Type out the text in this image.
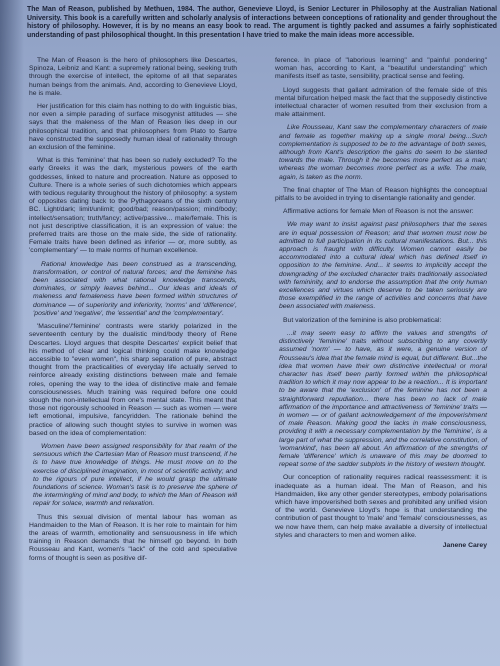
The Man of Reason, published by Methuen, 1984. The author, Genevieve Lloyd, is Senior Lecturer in Philosophy at the Australian National University. This book is a carefully written and scholarly analysis of interactions between conceptions of rationality and gender throughout the history of philosophy. However, it is by no means an easy book to read. The argument is tightly packed and assumes a fairly sophisticated understanding of past philosophical thought. In this presentation I have tried to make the main ideas more accessible.

The Man of Reason is the hero of philosophers like Descartes, Spinoza, Leibniz and Kant: a supremely rational being, seeking truth through the exercise of intellect, the epitome of all that separates human beings from the animals. And, according to Genevieve Lloyd, he is male.

Her justification for this claim has nothing to do with linguistic bias, nor even a simple parading of surface misogynist attitudes — she says that the maleness of the Man of Reason lies deep in our philosophical tradition, and that philosophers from Plato to Sartre have constructed the supposedly human ideal of rationality through an exclusion of the feminine.

What is this 'feminine' that has been so rudely excluded? To the early Greeks it was the dark, mysterious powers of the earth goddesses, linked to nature and procreation. Nature as opposed to Culture. There is a whole series of such dichotomies which appears with tedious regularity throughout the history of philosophy: a system of opposites dating back to the Pythagoreans of the sixth century BC. Light/dark; limit/unlimit; good/bad; reason/passion; mind/body; intellect/sensation; truth/fancy; active/passive... male/female. This is not just descriptive classification, it is an expression of value: the preferred traits are those on the male side, the side of rationality. Female traits have been defined as inferior — or, more subtly, as 'complementary' — to male norms of human excellence.

Rational knowledge has been construed as a transcending, transformation, or control of natural forces; and the feminine has been associated with what rational knowledge transcends, dominates, or simply leaves behind... Our ideas and ideals of maleness and femaleness have been formed within structures of dominance — of superiority and inferiority, 'norms' and 'difference', 'positive' and 'negative', the 'essential' and the 'complementary'.

'Masculine'/'feminine' contrasts were starkly polarized in the seventeenth century by the dualistic mind/body theory of Rene Descartes. Lloyd argues that despite Descartes' explicit belief that his method of clear and logical thinking could make knowledge accessible to "even women", his sharp separation of pure, abstract thought from the practicalities of everyday life actually served to reinforce already existing distinctions between male and female roles, opening the way to the idea of distinctive male and female consciousnesses. Much training was required before one could slough the non-intellectual from one's mental state. This meant that those not rigorously schooled in Reason — such as women — were left emotional, impulsive, fancyridden. The rationale behind the practice of allowing such thought styles to survive in women was based on the idea of complementation:

Women have been assigned responsibility for that realm of the sensuous which the Cartesian Man of Reason must transcend, if he is to have true knowledge of things. He must move on to the exercise of disciplined imagination, in most of scientific activity; and to the rigours of pure intellect, if he would grasp the ultimate foundations of science. Woman's task is to preserve the sphere of the intermingling of mind and body, to which the Man of Reason will repair for solace, warmth and relaxation.

Thus this sexual division of mental labour has woman as Handmaiden to the Man of Reason. It is her role to maintain for him the areas of warmth, emotionality and sensuousness in life which training in Reason demands that he himself go beyond. In both Rousseau and Kant, women's "lack" of the cold and speculative forms of thought is seen as positive dif-

ference. In place of "laborious learning" and "painful pondering" woman has, according to Kant, a "beautiful understanding" which manifests itself as taste, sensibility, practical sense and feeling.

Lloyd suggests that gallant admiration of the female side of this mental bifurcation helped mask the fact that the supposedly distinctive intellectual character of women resulted from their exclusion from a male attainment.

Like Rousseau, Kant saw the complementary characters of male and female as together making up a single moral being...Such complementation is supposed to be to the advantage of both sexes, although from Kant's description the gains do seem to be slanted towards the male. Through it he becomes more perfect as a man; whereas the woman becomes more perfect as a wife. The male, again, is taken as the norm.

The final chapter of The Man of Reason highlights the conceptual pitfalls to be avoided in trying to disentangle rationality and gender.

Affirmative actions for female Men of Reason is not the answer:

We may want to insist against past philosophers that the sexes are in equal possession of Reason; and that women must now be admitted to full participation in its cultural manifestations. But... this approach is fraught with difficulty. Women cannot easily be accommodated into a cultural ideal which has defined itself in opposition to the feminine. And... it seems to implicitly accept the downgrading of the excluded character traits traditionally associated with femininity, and to endorse the assumption that the only human excellences and virtues which deserve to be taken seriously are those exemplified in the range of activities and concerns that have been associated with maleness.

But valorization of the feminine is also problematical:

...it may seem easy to affirm the values and strengths of distinctively 'feminine' traits without subscribing to any covertly assumed 'norm' — to have, as it were, a genuine version of Rousseau's idea that the female mind is equal, but different. But...the idea that women have their own distinctive intellectual or moral character has itself been partly formed within the philosophical tradition to which it may now appear to be a reaction... It is important to be aware that the 'exclusion' of the feminine has not been a straightforward repudiation... there has been no lack of male affirmation of the importance and attractiveness of 'feminine' traits — in women — or of gallant acknowledgement of the impoverishment of male Reason. Making good the lacks in male consciousness, providing it with a necessary complementation by the 'feminine', is a large part of what the suppression, and the correlative constitution, of 'womankind', has been all about. An affirmation of the strengths of female 'difference' which is unaware of this may be doomed to repeat some of the sadder subplots in the history of western thought.

Our conception of rationality requires radical reassessment: it is inadequate as a human ideal. The Man of Reason, and his Handmaiden, like any other gender stereotypes, embody polarisations which have impoverished both sexes and prohibited any unified vision of the world. Genevieve Lloyd's hope is that understanding the contribution of past thought to 'male' and 'female' consciousnesses, as we now have them, can help make available a diversity of intellectual styles and characters to men and women alike.

Janene Carey
